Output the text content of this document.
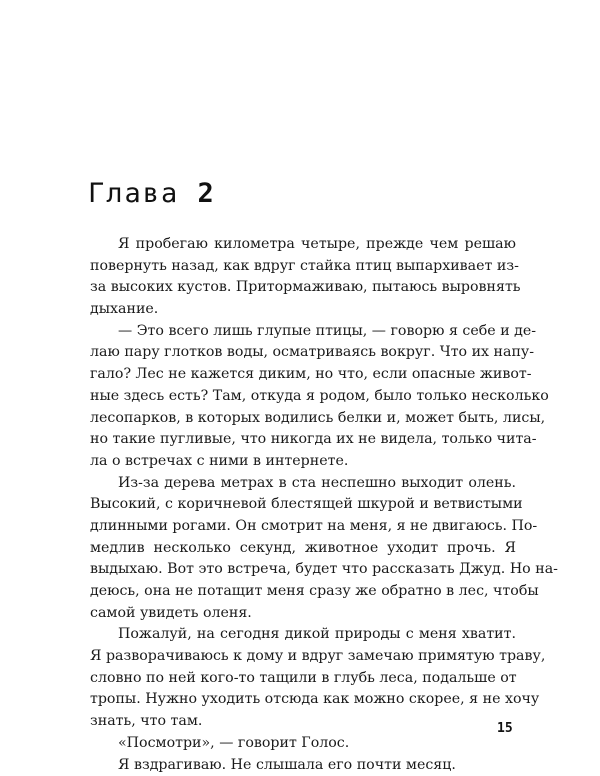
Глава 2
Я пробегаю километра четыре, прежде чем решаю
повернуть назад, как вдруг стайка птиц выпархивает из-
за высоких кустов. Притормаживаю, пытаюсь выровнять
дыхание.
— Это всего лишь глупые птицы, — говорю я себе и де-
лаю пару глотков воды, осматриваясь вокруг. Что их напу-
гало? Лес не кажется диким, но что, если опасные живот-
ные здесь есть? Там, откуда я родом, было только несколько
лесопарков, в которых водились белки и, может быть, лисы,
но такие пугливые, что никогда их не видела, только чита-
ла о встречах с ними в интернете.
Из-за дерева метрах в ста неспешно выходит олень.
Высокий, с коричневой блестящей шкурой и ветвистыми
длинными рогами. Он смотрит на меня, я не двигаюсь. По-
медлив несколько секунд, животное уходит прочь. Я
выдыхаю. Вот это встреча, будет что рассказать Джуд. Но на-
деюсь, она не потащит меня сразу же обратно в лес, чтобы
самой увидеть оленя.
Пожалуй, на сегодня дикой природы с меня хватит.
Я разворачиваюсь к дому и вдруг замечаю примятую траву,
словно по ней кого-то тащили в глубь леса, подальше от
тропы. Нужно уходить отсюда как можно скорее, я не хочу
знать, что там.
«Посмотри», — говорит Голос.
Я вздрагиваю. Не слышала его почти месяц.
15
